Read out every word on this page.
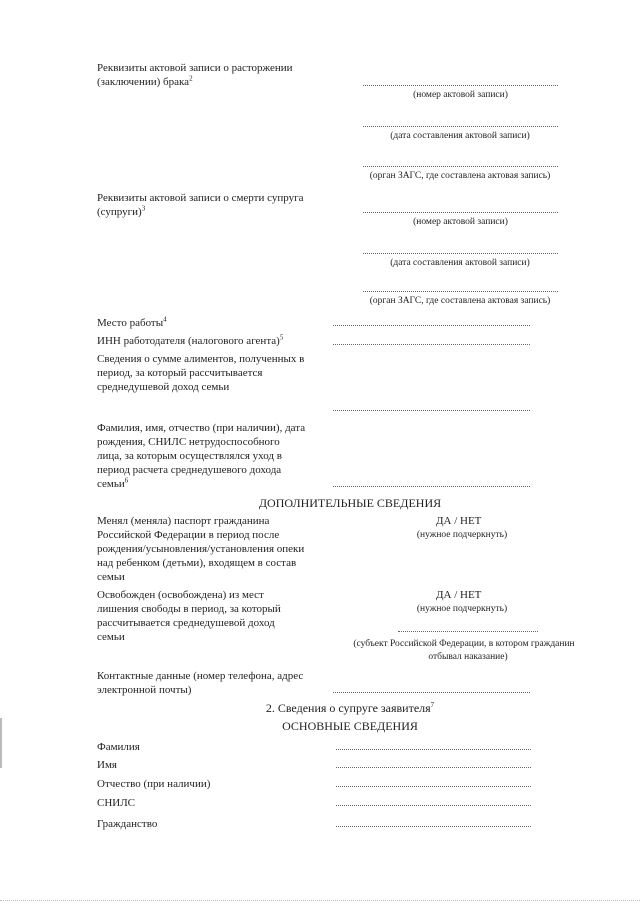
Реквизиты актовой записи о расторжении
(заключении) брака$^2$
(номер актовой записи)
(дата составления актовой записи)
(орган ЗАГС, где составлена актовая запись)
Реквизиты актовой записи о смерти супруга
(супруги)$^3$
(номер актовой записи)
(дата составления актовой записи)
(орган ЗАГС, где составлена актовая запись)
Место работы$^4$
ИНН работодателя (налогового агента)$^5$
Сведения о сумме алиментов, полученных в
период, за который рассчитывается
среднедушевой доход семьи
Фамилия, имя, отчество (при наличии), дата
рождения, СНИЛС нетрудоспособного
лица, за которым осуществлялся уход в
период расчета среднедушевого дохода
семьи$^6$
ДОПОЛНИТЕЛЬНЫЕ СВЕДЕНИЯ
Менял (меняла) паспорт гражданина
Российской Федерации в период после
рождения/усыновления/установления опеки
над ребенком (детьми), входящем в состав
семьи
ДА / НЕТ
(нужное подчеркнуть)
Освобожден (освобождена) из мест
лишения свободы в период, за который
рассчитывается среднедушевой доход
семьи
ДА / НЕТ
(нужное подчеркнуть)
(субъект Российской Федерации, в котором гражданин
отбывал наказание)
Контактные данные (номер телефона, адрес
электронной почты)
2. Сведения о супруге заявителя$^7$
ОСНОВНЫЕ СВЕДЕНИЯ
Фамилия
Имя
Отчество (при наличии)
СНИЛС
Гражданство
